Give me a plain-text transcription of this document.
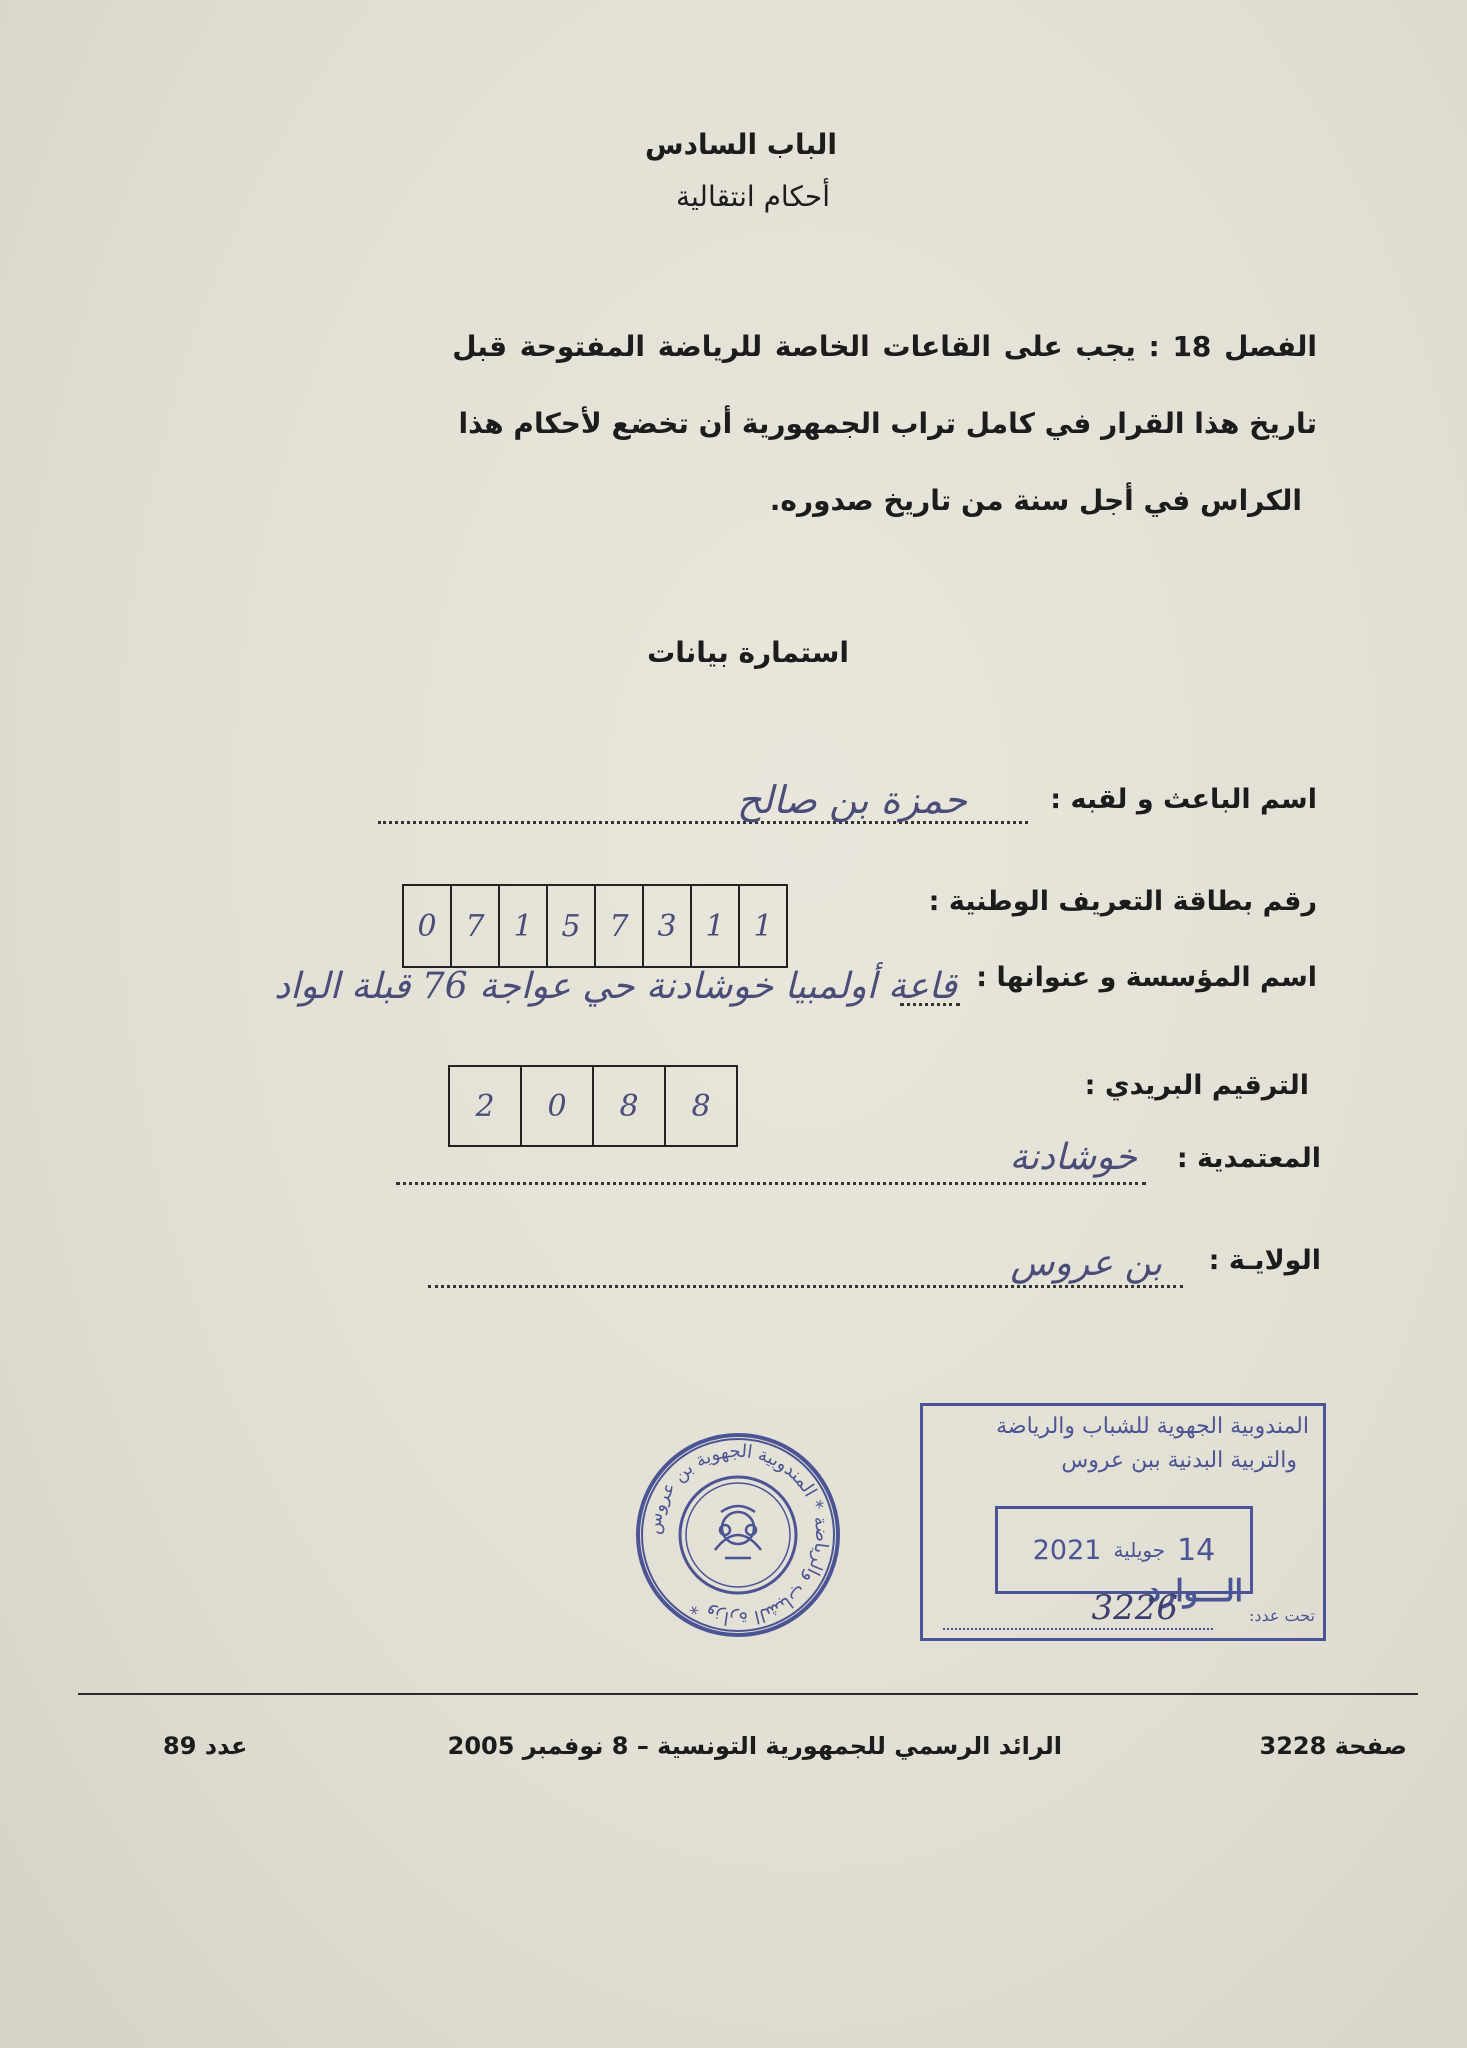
الباب السادس
أحكام انتقالية
الفصل 18 : يجب على القاعات الخاصة للرياضة المفتوحة قبل
تاريخ هذا القرار في كامل تراب الجمهورية أن تخضع لأحكام هذا
الكراس في أجل سنة من تاريخ صدوره.
استمارة بيانات
اسم الباعث و لقبه :
حمزة بن صالح
رقم بطاقة التعريف الوطنية :
0 7 1 5 7 3 1 1
اسم المؤسسة و عنوانها :
قاعة أولمبيا خوشادنة حي عواجة 76 قبلة الواد
الترقيم البريدي :
2	0	8	8
المعتمدية :
خوشادنة
الولايـة :
بن عروس
وزارة الشباب والرياضة * المندوبية الجهوية بن عروس *
المندوبية الجهوية للشباب والرياضة
والتربية البدنية ببن عروس
14
جويلية
2021
الـــوارد
تحت عدد:
3226
صفحة 3228
الرائد الرسمي للجمهورية التونسية – 8 نوفمبر 2005
عدد 89
